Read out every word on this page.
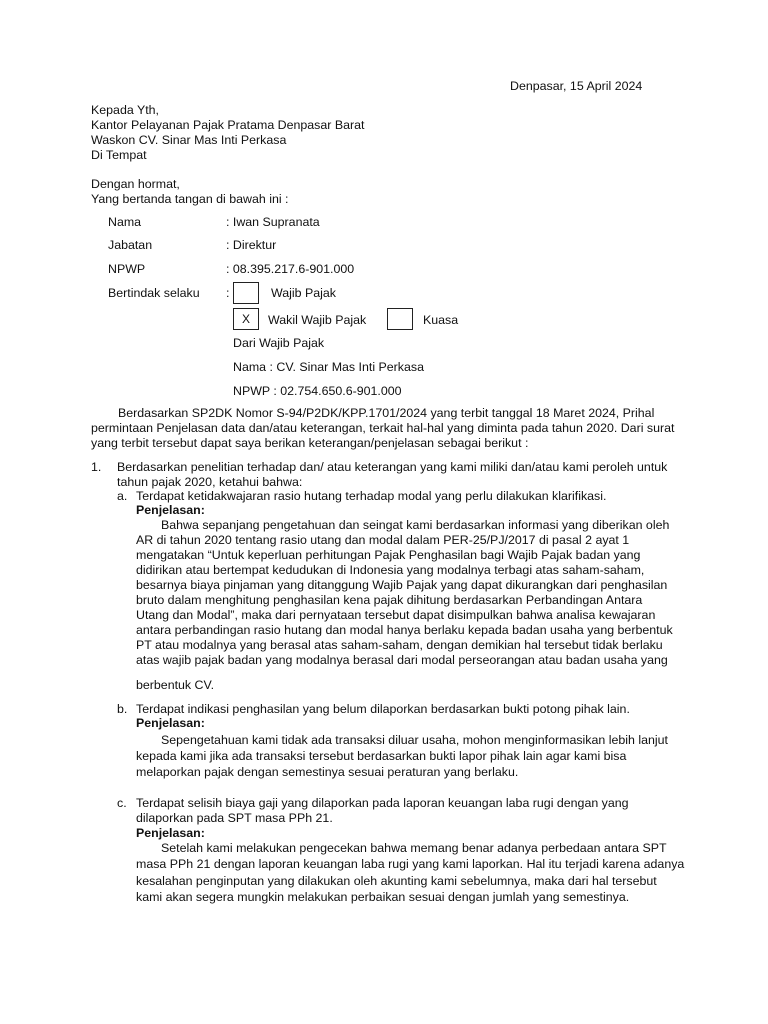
Denpasar, 15 April 2024
Kepada Yth,
Kantor Pelayanan Pajak Pratama Denpasar Barat
Waskon CV. Sinar Mas Inti Perkasa
Di Tempat
Dengan hormat,
Yang bertanda tangan di bawah ini :
Nama	: Iwan Supranata
Jabatan	: Direktur
NPWP	: 08.395.217.6-901.000
Bertindak selaku :	Wajib Pajak
X	Wakil Wajib Pajak	Kuasa
Dari Wajib Pajak
Nama : CV. Sinar Mas Inti Perkasa
NPWP : 02.754.650.6-901.000
Berdasarkan SP2DK Nomor S-94/P2DK/KPP.1701/2024 yang terbit tanggal 18 Maret 2024, Prihal
permintaan Penjelasan data dan/atau keterangan, terkait hal-hal yang diminta pada tahun 2020. Dari surat
yang terbit tersebut dapat saya berikan keterangan/penjelasan sebagai berikut :
1. Berdasarkan penelitian terhadap dan/ atau keterangan yang kami miliki dan/atau kami peroleh untuk
tahun pajak 2020, ketahui bahwa:
a. Terdapat ketidakwajaran rasio hutang terhadap modal yang perlu dilakukan klarifikasi.
Penjelasan:
Bahwa sepanjang pengetahuan dan seingat kami berdasarkan informasi yang diberikan oleh
AR di tahun 2020 tentang rasio utang dan modal dalam PER-25/PJ/2017 di pasal 2 ayat 1
mengatakan “Untuk keperluan perhitungan Pajak Penghasilan bagi Wajib Pajak badan yang
didirikan atau bertempat kedudukan di Indonesia yang modalnya terbagi atas saham-saham,
besarnya biaya pinjaman yang ditanggung Wajib Pajak yang dapat dikurangkan dari penghasilan
bruto dalam menghitung penghasilan kena pajak dihitung berdasarkan Perbandingan Antara
Utang dan Modal”, maka dari pernyataan tersebut dapat disimpulkan bahwa analisa kewajaran
antara perbandingan rasio hutang dan modal hanya berlaku kepada badan usaha yang berbentuk
PT atau modalnya yang berasal atas saham-saham, dengan demikian hal tersebut tidak berlaku
atas wajib pajak badan yang modalnya berasal dari modal perseorangan atau badan usaha yang
berbentuk CV.
b. Terdapat indikasi penghasilan yang belum dilaporkan berdasarkan bukti potong pihak lain.
Penjelasan:
Sepengetahuan kami tidak ada transaksi diluar usaha, mohon menginformasikan lebih lanjut
kepada kami jika ada transaksi tersebut berdasarkan bukti lapor pihak lain agar kami bisa
melaporkan pajak dengan semestinya sesuai peraturan yang berlaku.
c. Terdapat selisih biaya gaji yang dilaporkan pada laporan keuangan laba rugi dengan yang
dilaporkan pada SPT masa PPh 21.
Penjelasan:
Setelah kami melakukan pengecekan bahwa memang benar adanya perbedaan antara SPT
masa PPh 21 dengan laporan keuangan laba rugi yang kami laporkan. Hal itu terjadi karena adanya
kesalahan penginputan yang dilakukan oleh akunting kami sebelumnya, maka dari hal tersebut
kami akan segera mungkin melakukan perbaikan sesuai dengan jumlah yang semestinya.
